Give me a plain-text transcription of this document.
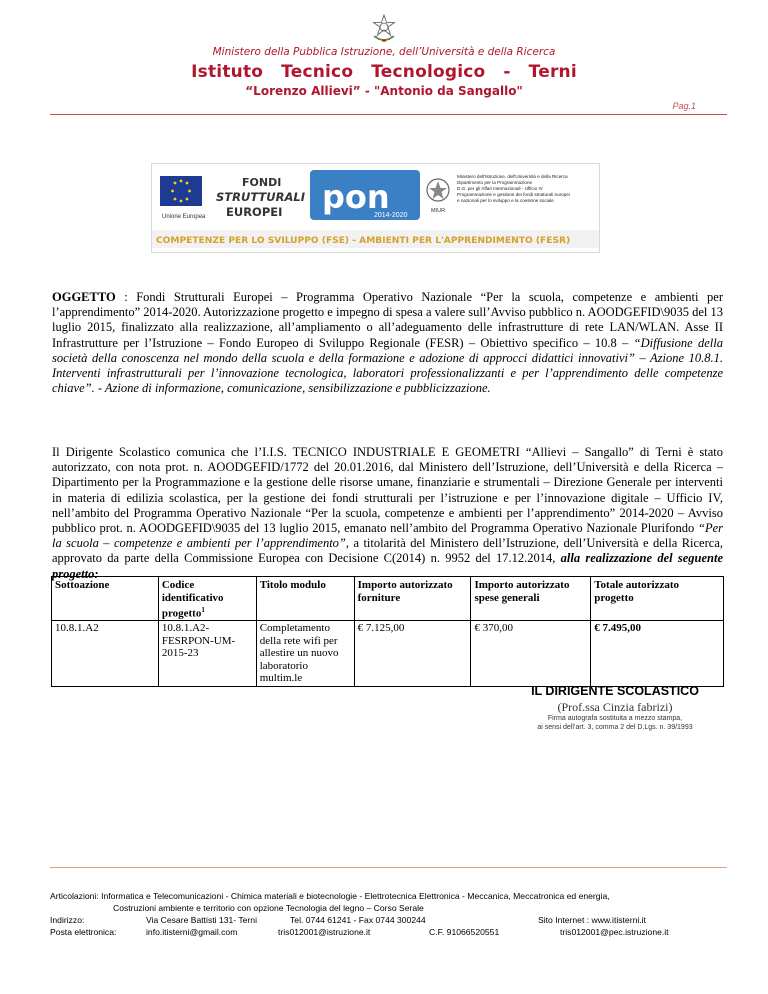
Ministero della Pubblica Istruzione, dell’Università e della Ricerca
Istituto Tecnico Tecnologico - Terni
“Lorenzo Allievi” - "Antonio da Sangallo"
Pag.1
Unione Europea
FONDI
STRUTTURALI
EUROPEI pon
2014-2020
MIUR
Ministero dell'Istruzione, dell'Università e della Ricerca
Dipartimento per la Programmazione
D.G. per gli Affari Internazionali - Ufficio IV
Programmazione e gestione dei fondi strutturali europei
e nazionali per lo sviluppo e la coesione sociale
COMPETENZE PER LO SVILUPPO (FSE) - AMBIENTI PER L'APPRENDIMENTO (FESR)
OGGETTO : Fondi Strutturali Europei – Programma Operativo Nazionale “Per la scuola, competenze e ambienti per l’apprendimento” 2014-2020. Autorizzazione progetto e impegno di spesa a valere sull’Avviso pubblico n. AOODGEFID\9035 del 13 luglio 2015, finalizzato alla realizzazione, all’ampliamento o all’adeguamento delle infrastrutture di rete LAN/WLAN. Asse II Infrastrutture per l’Istruzione – Fondo Europeo di Sviluppo Regionale (FESR) – Obiettivo specifico – 10.8 – “Diffusione della società della conoscenza nel mondo della scuola e della formazione e adozione di approcci didattici innovativi” – Azione 10.8.1. Interventi infrastrutturali per l’innovazione tecnologica, laboratori professionalizzanti e per l’apprendimento delle competenze chiave”. - Azione di informazione, comunicazione, sensibilizzazione e pubblicizzazione.
Il Dirigente Scolastico comunica che l’I.I.S. TECNICO INDUSTRIALE E GEOMETRI “Allievi – Sangallo” di Terni è stato autorizzato, con nota prot. n. AOODGEFID/1772 del 20.01.2016, dal Ministero dell’Istruzione, dell’Università e della Ricerca – Dipartimento per la Programmazione e la gestione delle risorse umane, finanziarie e strumentali – Direzione Generale per interventi in materia di edilizia scolastica, per la gestione dei fondi strutturali per l’istruzione e per l’innovazione digitale – Ufficio IV, nell’ambito del Programma Operativo Nazionale “Per la scuola, competenze e ambienti per l’apprendimento” 2014-2020 – Avviso pubblico prot. n. AOODGEFID\9035 del 13 luglio 2015, emanato nell’ambito del Programma Operativo Nazionale Plurifondo “Per la scuola – competenze e ambienti per l’apprendimento”, a titolarità del Ministero dell’Istruzione, dell’Università e della Ricerca, approvato da parte della Commissione Europea con Decisione C(2014) n. 9952 del 17.12.2014, alla realizzazione del seguente progetto:
Sottoazione	Codice identificativo progetto$^1$	Titolo modulo	Importo autorizzato forniture	Importo autorizzato spese generali	Totale autorizzato progetto
10.8.1.A2	10.8.1.A2-FESRPON-UM-2015-23	Completamento della rete wifi per allestire un nuovo laboratorio multim.le	€ 7.125,00	€ 370,00	€ 7.495,00
IL DIRIGENTE SCOLASTICO
(Prof.ssa Cinzia fabrizi)
Firma autografa sostituita a mezzo stampa,
ai sensi dell’art. 3, comma 2 del D.Lgs. n. 39/1993
Articolazioni: Informatica e Telecomunicazioni - Chimica materiali e biotecnologie - Elettrotecnica Elettronica - Meccanica, Meccatronica ed energia,
Costruzioni ambiente e territorio con opzione Tecnologia del legno – Corso Serale
Indirizzo:	Via Cesare Battisti 131- Terni	Tel. 0744 61241 - Fax 0744 300244	Sito Internet : www.itisterni.it
Posta elettronica:	info.itisterni@gmail.com	tris012001@istruzione.it	C.F. 91066520551	tris012001@pec.istruzione.it
